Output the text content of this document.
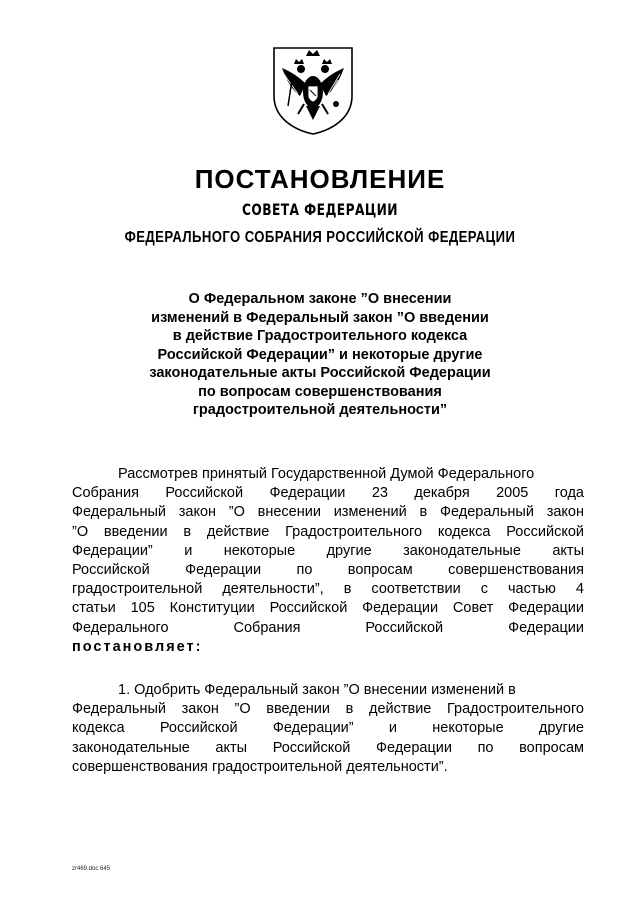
ПОСТАНОВЛЕНИЕ
СОВЕТА ФЕДЕРАЦИИ
ФЕДЕРАЛЬНОГО СОБРАНИЯ РОССИЙСКОЙ ФЕДЕРАЦИИ
О Федеральном законе ”О внесении
изменений в Федеральный закон ”О введении
в действие Градостроительного кодекса
Российской Федерации” и некоторые другие
законодательные акты Российской Федерации
по вопросам совершенствования
градостроительной деятельности”
Рассмотрев принятый Государственной Думой Федерального
Собрания Российской Федерации 23 декабря 2005 года
Федеральный закон ”О внесении изменений в Федеральный закон
”О введении в действие Градостроительного кодекса Российской
Федерации” и некоторые другие законодательные акты
Российской Федерации по вопросам совершенствования
градостроительной деятельности”, в соответствии с частью 4
статьи 105 Конституции Российской Федерации Совет Федерации
Федерального Собрания Российской Федерации
постановляет:
1. Одобрить Федеральный закон ”О внесении изменений в
Федеральный закон ”О введении в действие Градостроительного
кодекса Российской Федерации” и некоторые другие
законодательные акты Российской Федерации по вопросам
совершенствования градостроительной деятельности”.
zr469.doc 645
